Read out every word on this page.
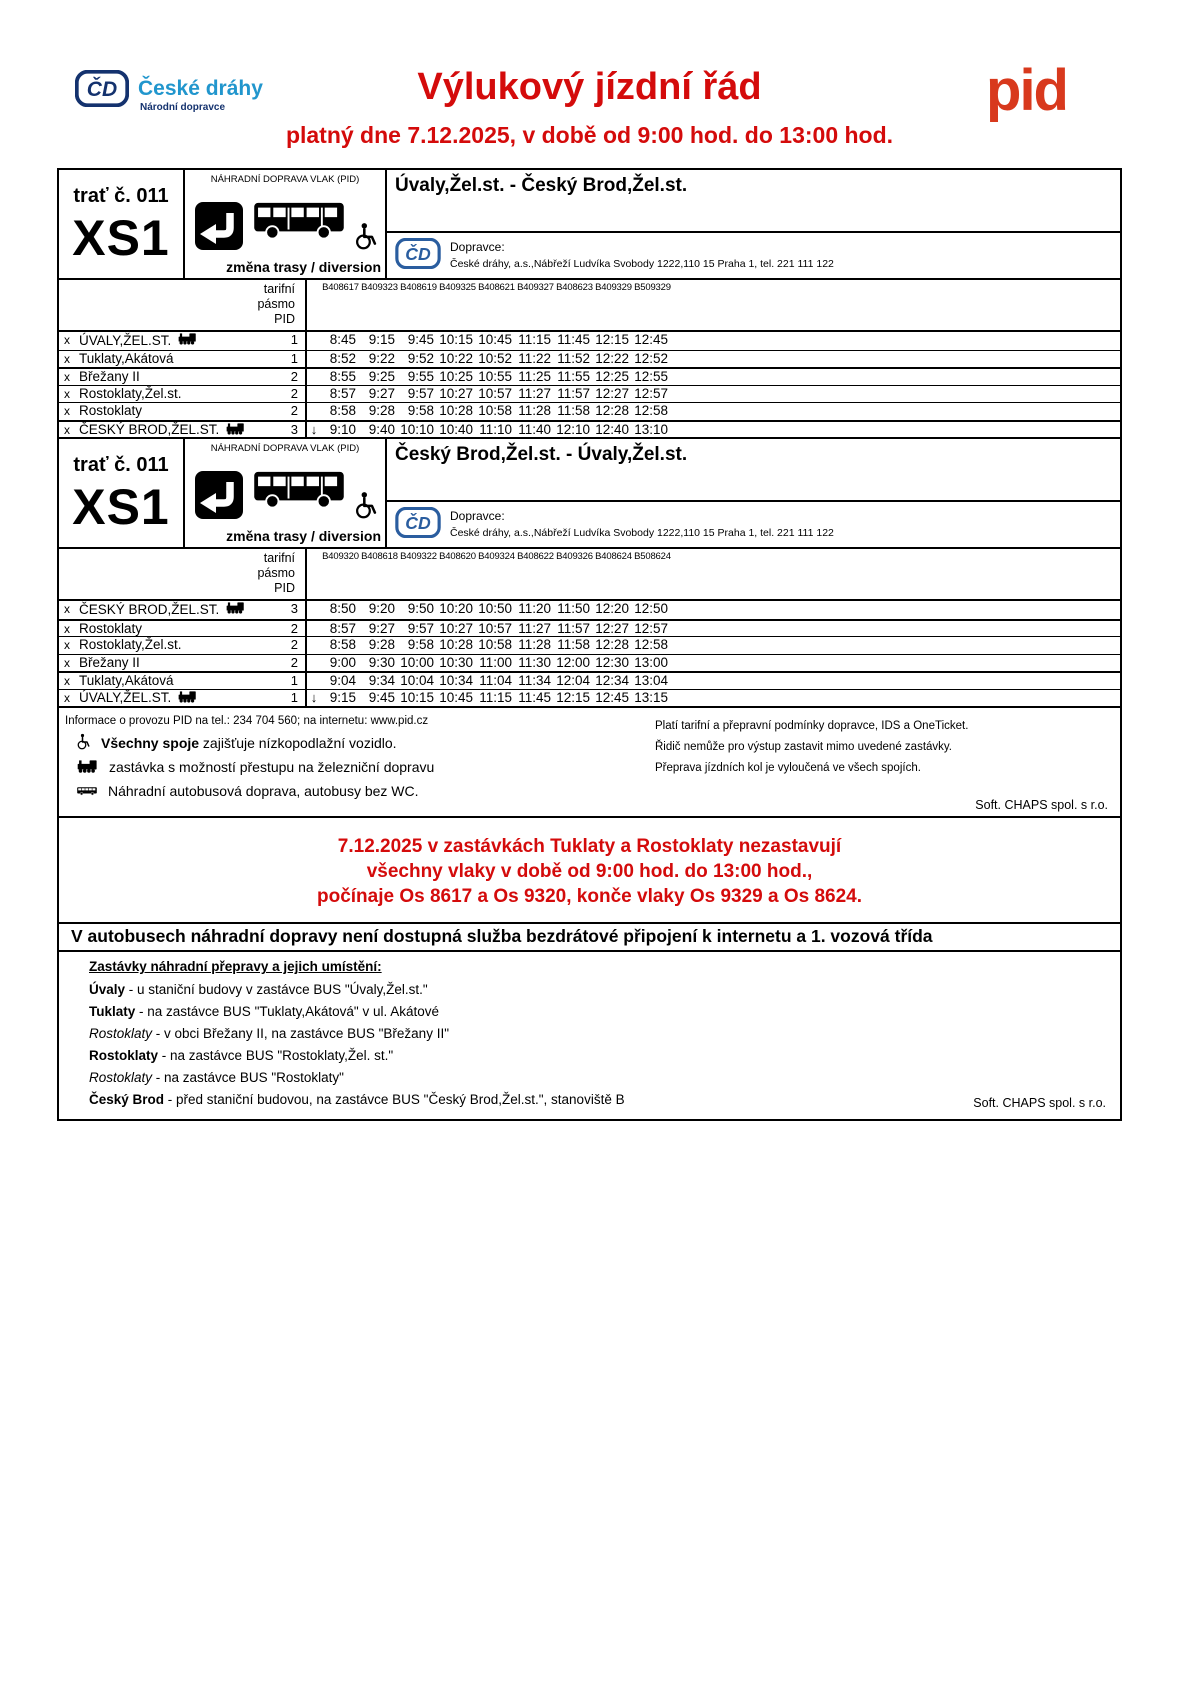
ČD České dráhy
Národní dopravce	Výlukový jízdní řád	pid
platný dne 7.12.2025, v době od 9:00 hod. do 13:00 hod.
trať č. 011
XS1
NÁHRADNÍ DOPRAVA VLAK (PID)
změna trasy / diversion
Úvaly,Žel.st. - Český Brod,Žel.st.
ČD Dopravce:
České dráhy, a.s.,Nábřeží Ludvíka Svobody 1222,110 15 Praha 1, tel. 221 111 122
tarifní
pásmo
PID
B408617 B409323 B408619 B409325 B408621 B409327 B408623 B409329 B509329
x ÚVALY,ŽEL.ST.	1	8:45 9:15 9:45 10:15 10:45 11:15 11:45 12:15 12:45
x Tuklaty,Akátová	1	8:52 9:22 9:52 10:22 10:52 11:22 11:52 12:22 12:52
x Břežany II	2	8:55 9:25 9:55 10:25 10:55 11:25 11:55 12:25 12:55
x Rostoklaty,Žel.st.	2	8:57 9:27 9:57 10:27 10:57 11:27 11:57 12:27 12:57
x Rostoklaty	2	8:58 9:28 9:58 10:28 10:58 11:28 11:58 12:28 12:58
x ČESKÝ BROD,ŽEL.ST.	3 ↓ 9:10 9:40 10:10 10:40 11:10 11:40 12:10 12:40 13:10
trať č. 011
XS1
NÁHRADNÍ DOPRAVA VLAK (PID)
změna trasy / diversion
Český Brod,Žel.st. - Úvaly,Žel.st.
ČD Dopravce:
České dráhy, a.s.,Nábřeží Ludvíka Svobody 1222,110 15 Praha 1, tel. 221 111 122
tarifní
pásmo
PID
B409320 B408618 B409322 B408620 B409324 B408622 B409326 B408624 B508624
x ČESKÝ BROD,ŽEL.ST.	3	8:50 9:20 9:50 10:20 10:50 11:20 11:50 12:20 12:50
x Rostoklaty	2	8:57 9:27 9:57 10:27 10:57 11:27 11:57 12:27 12:57
x Rostoklaty,Žel.st.	2	8:58 9:28 9:58 10:28 10:58 11:28 11:58 12:28 12:58
x Břežany II	2	9:00 9:30 10:00 10:30 11:00 11:30 12:00 12:30 13:00
x Tuklaty,Akátová	1	9:04 9:34 10:04 10:34 11:04 11:34 12:04 12:34 13:04
x ÚVALY,ŽEL.ST.	1 ↓ 9:15 9:45 10:15 10:45 11:15 11:45 12:15 12:45 13:15
Informace o provozu PID na tel.: 234 704 560; na internetu: www.pid.cz
Všechny spoje zajišťuje nízkopodlažní vozidlo.
zastávka s možností přestupu na železniční dopravu
Náhradní autobusová doprava, autobusy bez WC.
Platí tarifní a přepravní podmínky dopravce, IDS a OneTicket.
Řidič nemůže pro výstup zastavit mimo uvedené zastávky.
Přeprava jízdních kol je vyloučená ve všech spojích.
Soft. CHAPS spol. s r.o.
7.12.2025 v zastávkách Tuklaty a Rostoklaty nezastavují
všechny vlaky v době od 9:00 hod. do 13:00 hod.,
počínaje Os 8617 a Os 9320, konče vlaky Os 9329 a Os 8624.
V autobusech náhradní dopravy není dostupná služba bezdrátové připojení k internetu a 1. vozová třída
Zastávky náhradní přepravy a jejich umístění:
Úvaly - u staniční budovy v zastávce BUS "Úvaly,Žel.st."
Tuklaty - na zastávce BUS "Tuklaty,Akátová" v ul. Akátové
Rostoklaty - v obci Břežany II, na zastávce BUS "Břežany II"
Rostoklaty - na zastávce BUS "Rostoklaty,Žel. st."
Rostoklaty - na zastávce BUS "Rostoklaty"
Český Brod - před staniční budovou, na zastávce BUS "Český Brod,Žel.st.", stanoviště B	Soft. CHAPS spol. s r.o.
